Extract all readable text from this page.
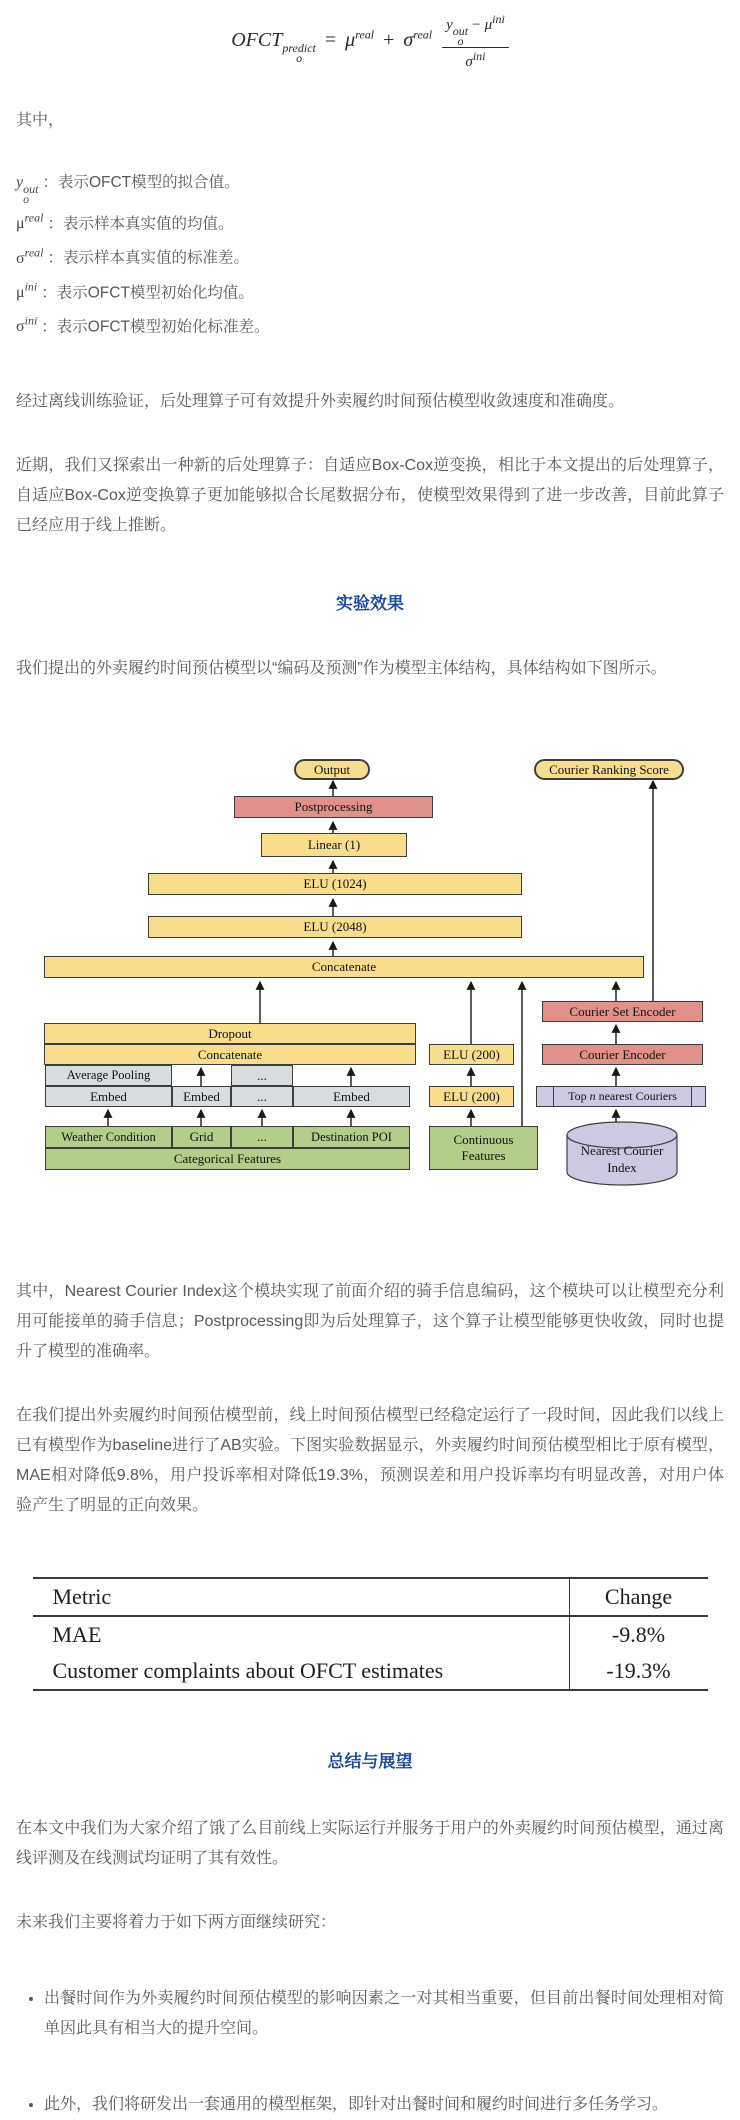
OFCT predict
o
= $\mu^{real} + \sigma^{real}$ y out
o
− $\mu^{ini}$
$\sigma^{ini}$

其中，

y out
o
：表示OFCT模型的拟合值。
$\mu^{real}$ ：表示样本真实值的均值。
$\sigma^{real}$ ：表示样本真实值的标准差。
$\mu^{ini}$ ：表示OFCT模型初始化均值。
$\sigma^{ini}$ ：表示OFCT模型初始化标准差。

经过离线训练验证，后处理算子可有效提升外卖履约时间预估模型收敛速度和准确度。

近期，我们又探索出一种新的后处理算子：自适应Box-Cox逆变换，相比于本文提出的后处理算子，自适应Box-Cox逆变换算子更加能够拟合长尾数据分布，使模型效果得到了进一步改善，目前此算子已经应用于线上推断。

实验效果

我们提出的外卖履约时间预估模型以“编码及预测”作为模型主体结构，具体结构如下图所示。

Output	Courier Ranking Score
Postprocessing
Linear (1)
ELU (1024)
ELU (2048)
Concatenate
Courier Set Encoder
Dropout
Concatenate	ELU (200)	Courier Encoder
Average Pooling	...
Embed	Embed	...	Embed	ELU (200)	Top n nearest Couriers
Weather Condition	Grid	...	Destination POI
Categorical Features
Continuous
Features	Nearest Courier
Index

其中，Nearest Courier Index这个模块实现了前面介绍的骑手信息编码，这个模块可以让模型充分利用可能接单的骑手信息；Postprocessing即为后处理算子，这个算子让模型能够更快收敛，同时也提升了模型的准确率。

在我们提出外卖履约时间预估模型前，线上时间预估模型已经稳定运行了一段时间，因此我们以线上已有模型作为baseline进行了AB实验。下图实验数据显示，外卖履约时间预估模型相比于原有模型，MAE相对降低9.8%，用户投诉率相对降低19.3%，预测误差和用户投诉率均有明显改善，对用户体验产生了明显的正向效果。

Metric	Change
MAE	-9.8%
Customer complaints about OFCT estimates	-19.3%
总结与展望

在本文中我们为大家介绍了饿了么目前线上实际运行并服务于用户的外卖履约时间预估模型，通过离线评测及在线测试均证明了其有效性。

未来我们主要将着力于如下两方面继续研究：

• 出餐时间作为外卖履约时间预估模型的影响因素之一对其相当重要，但目前出餐时间处理相对简单因此具有相当大的提升空间。
• 此外，我们将研发出一套通用的模型框架，即针对出餐时间和履约时间进行多任务学习。
